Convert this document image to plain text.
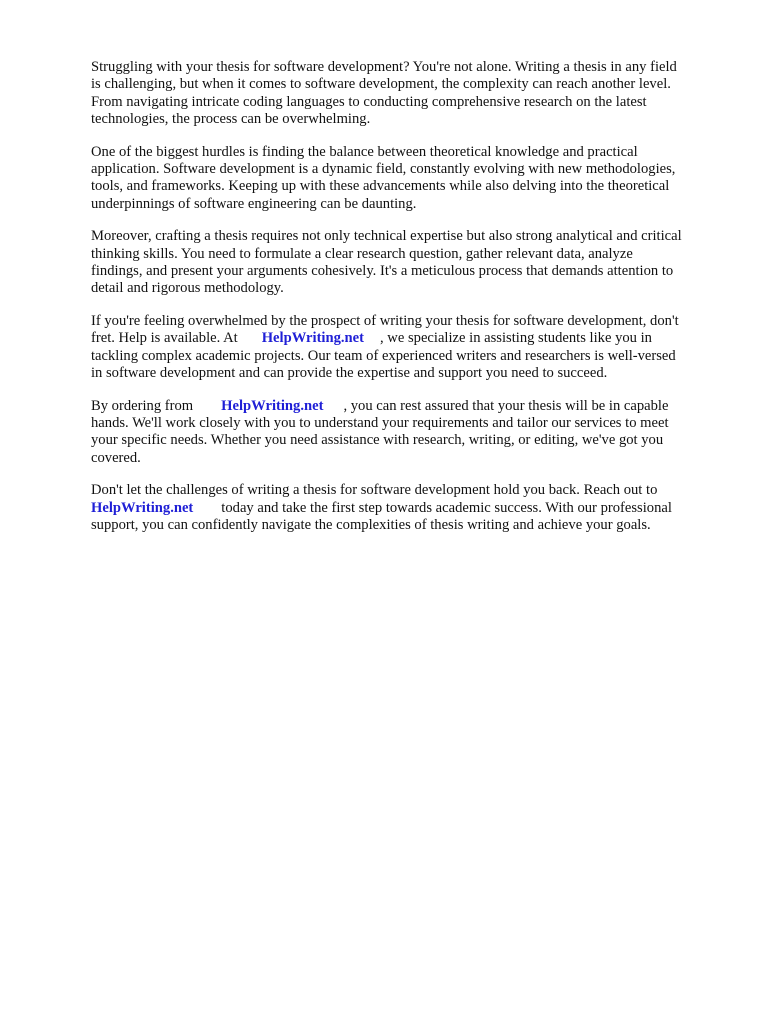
Struggling with your thesis for software development? You're not alone. Writing a thesis in any field
is challenging, but when it comes to software development, the complexity can reach another level.
From navigating intricate coding languages to conducting comprehensive research on the latest
technologies, the process can be overwhelming.

One of the biggest hurdles is finding the balance between theoretical knowledge and practical
application. Software development is a dynamic field, constantly evolving with new methodologies,
tools, and frameworks. Keeping up with these advancements while also delving into the theoretical
underpinnings of software engineering can be daunting.

Moreover, crafting a thesis requires not only technical expertise but also strong analytical and critical
thinking skills. You need to formulate a clear research question, gather relevant data, analyze
findings, and present your arguments cohesively. It's a meticulous process that demands attention to
detail and rigorous methodology.

If you're feeling overwhelmed by the prospect of writing your thesis for software development, don't
fret. Help is available. At HelpWriting.net , we specialize in assisting students like you in
tackling complex academic projects. Our team of experienced writers and researchers is well-versed
in software development and can provide the expertise and support you need to succeed.

By ordering from HelpWriting.net , you can rest assured that your thesis will be in capable
hands. We'll work closely with you to understand your requirements and tailor our services to meet
your specific needs. Whether you need assistance with research, writing, or editing, we've got you
covered.

Don't let the challenges of writing a thesis for software development hold you back. Reach out to
HelpWriting.net today and take the first step towards academic success. With our professional
support, you can confidently navigate the complexities of thesis writing and achieve your goals.
